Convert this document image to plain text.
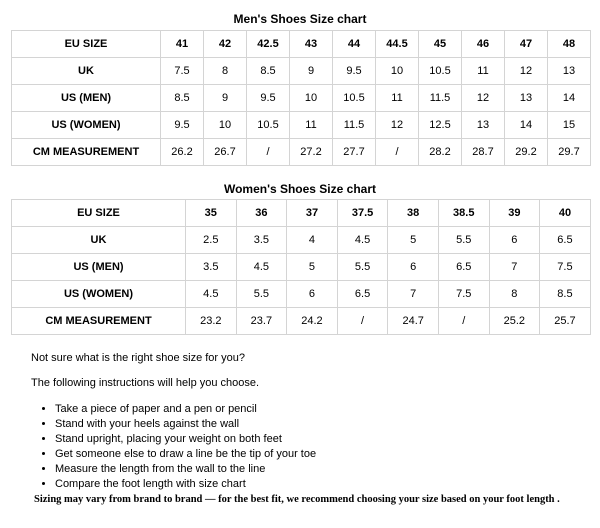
Men's Shoes Size chart
EU SIZE	41	42	42.5	43	44	44.5	45	46	47	48
UK	7.5	8	8.5	9	9.5	10	10.5	11	12	13
US (MEN)	8.5	9	9.5	10	10.5	11	11.5	12	13	14
US (WOMEN)	9.5	10	10.5	11	11.5	12	12.5	13	14	15
CM MEASUREMENT	26.2	26.7	/	27.2	27.7	/	28.2	28.7	29.2	29.7
Women's Shoes Size chart
EU SIZE	35	36	37	37.5	38	38.5	39	40
UK	2.5	3.5	4	4.5	5	5.5	6	6.5
US (MEN)	3.5	4.5	5	5.5	6	6.5	7	7.5
US (WOMEN)	4.5	5.5	6	6.5	7	7.5	8	8.5
CM MEASUREMENT	23.2	23.7	24.2	/	24.7	/	25.2	25.7
Not sure what is the right shoe size for you?
The following instructions will help you choose.
• Take a piece of paper and a pen or pencil
• Stand with your heels against the wall
• Stand upright, placing your weight on both feet
• Get someone else to draw a line be the tip of your toe
• Measure the length from the wall to the line
• Compare the foot length with size chart
Sizing may vary from brand to brand — for the best fit, we recommend choosing your size based on your foot length .
